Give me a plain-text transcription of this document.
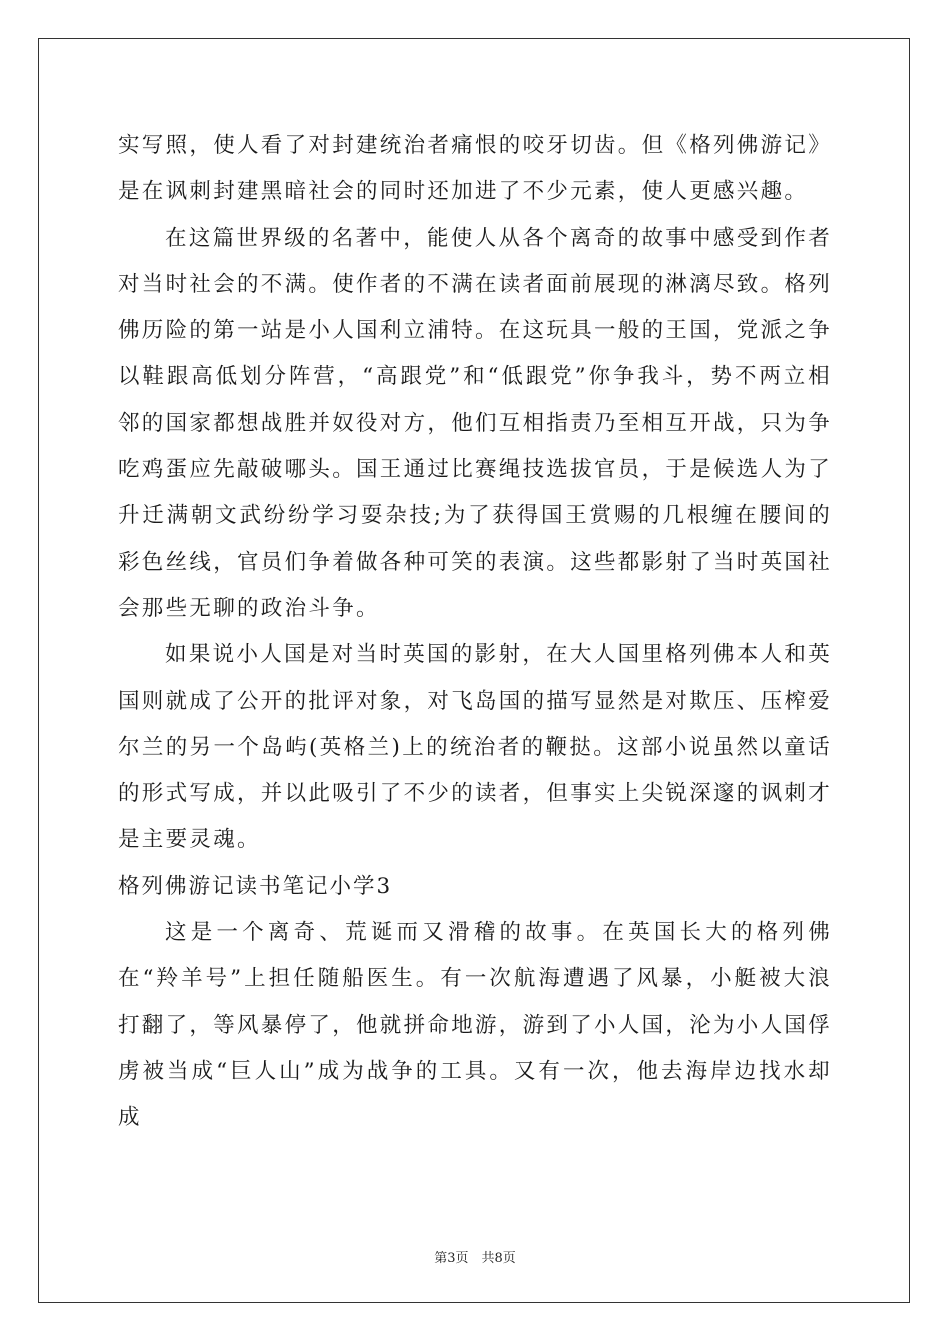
实写照，使人看了对封建统治者痛恨的咬牙切齿。但《格列佛游记》是在讽刺封建黑暗社会的同时还加进了不少元素，使人更感兴趣。

在这篇世界级的名著中，能使人从各个离奇的故事中感受到作者对当时社会的不满。使作者的不满在读者面前展现的淋漓尽致。格列佛历险的第一站是小人国利立浦特。在这玩具一般的王国，党派之争以鞋跟高低划分阵营，“高跟党”和“低跟党”你争我斗，势不两立相邻的国家都想战胜并奴役对方，他们互相指责乃至相互开战，只为争吃鸡蛋应先敲破哪头。国王通过比赛绳技选拔官员，于是候选人为了升迁满朝文武纷纷学习耍杂技;为了获得国王赏赐的几根缠在腰间的彩色丝线，官员们争着做各种可笑的表演。这些都影射了当时英国社会那些无聊的政治斗争。

如果说小人国是对当时英国的影射，在大人国里格列佛本人和英国则就成了公开的批评对象，对飞岛国的描写显然是对欺压、压榨爱尔兰的另一个岛屿(英格兰)上的统治者的鞭挞。这部小说虽然以童话的形式写成，并以此吸引了不少的读者，但事实上尖锐深邃的讽刺才是主要灵魂。

格列佛游记读书笔记小学3

这是一个离奇、荒诞而又滑稽的故事。在英国长大的格列佛在“羚羊号”上担任随船医生。有一次航海遭遇了风暴，小艇被大浪打翻了，等风暴停了，他就拼命地游，游到了小人国，沦为小人国俘虏被当成“巨人山”成为战争的工具。又有一次，他去海岸边找水却成

第3页　共8页
